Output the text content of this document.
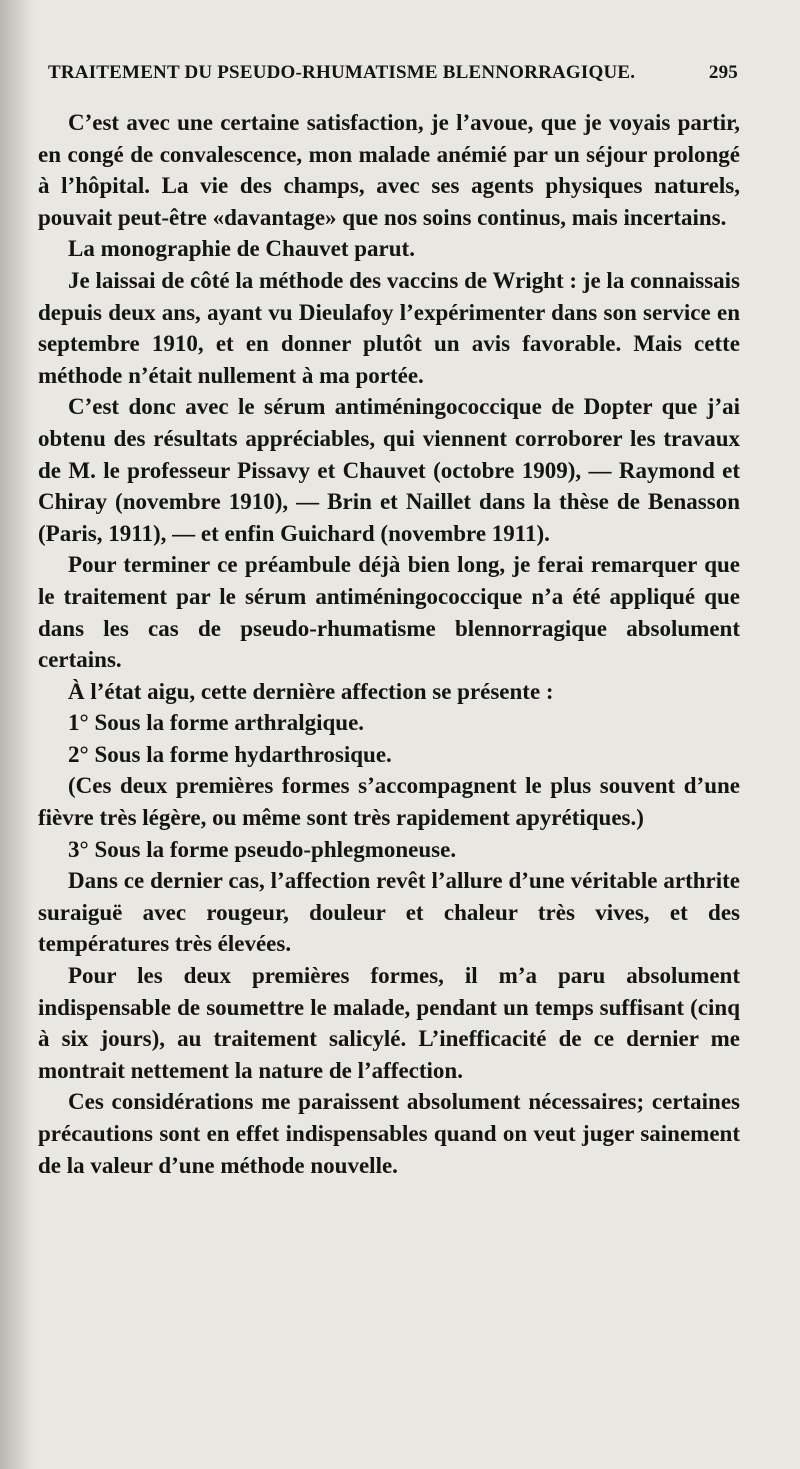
TRAITEMENT DU PSEUDO-RHUMATISME BLENNORRAGIQUE.	295

C’est avec une certaine satisfaction, je l’avoue, que je voyais partir, en congé de convalescence, mon malade anémié par un séjour prolongé à l’hôpital. La vie des champs, avec ses agents physiques naturels, pouvait peut-être «davantage» que nos soins continus, mais incertains.

La monographie de Chauvet parut.

Je laissai de côté la méthode des vaccins de Wright : je la connaissais depuis deux ans, ayant vu Dieulafoy l’expérimenter dans son service en septembre 1910, et en donner plutôt un avis favorable. Mais cette méthode n’était nullement à ma portée.

C’est donc avec le sérum antiméningococcique de Dopter que j’ai obtenu des résultats appréciables, qui viennent corroborer les travaux de M. le professeur Pissavy et Chauvet (octobre 1909), — Raymond et Chiray (novembre 1910), — Brin et Naillet dans la thèse de Benasson (Paris, 1911), — et enfin Guichard (novembre 1911).

Pour terminer ce préambule déjà bien long, je ferai remarquer que le traitement par le sérum antiméningococcique n’a été appliqué que dans les cas de pseudo-rhumatisme blennorragique absolument certains.

À l’état aigu, cette dernière affection se présente :

1° Sous la forme arthralgique.

2° Sous la forme hydarthrosique.

(Ces deux premières formes s’accompagnent le plus souvent d’une fièvre très légère, ou même sont très rapidement apyrétiques.)

3° Sous la forme pseudo-phlegmoneuse.

Dans ce dernier cas, l’affection revêt l’allure d’une véritable arthrite suraiguë avec rougeur, douleur et chaleur très vives, et des températures très élevées.

Pour les deux premières formes, il m’a paru absolument indispensable de soumettre le malade, pendant un temps suffisant (cinq à six jours), au traitement salicylé. L’inefficacité de ce dernier me montrait nettement la nature de l’affection.

Ces considérations me paraissent absolument nécessaires; certaines précautions sont en effet indispensables quand on veut juger sainement de la valeur d’une méthode nouvelle.
